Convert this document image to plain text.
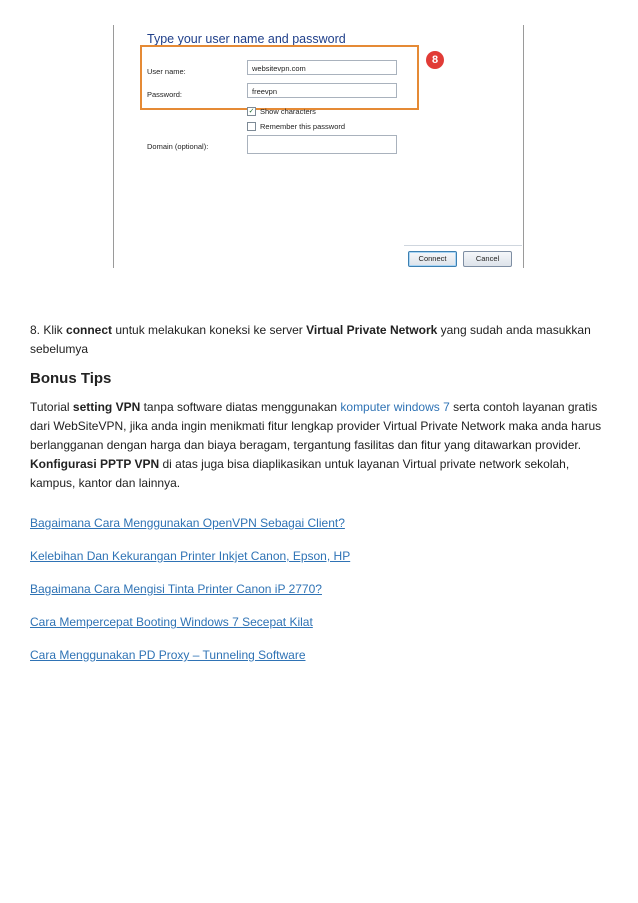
Type your user name and password
User name:	websitevpn.com
Password:	freevpn
8
✓ Show characters
Remember this password
Domain (optional):
Connect	Cancel
8. Klik connect untuk melakukan koneksi ke server Virtual Private Network yang sudah anda masukkan sebelumya
Bonus Tips
Tutorial setting VPN tanpa software diatas menggunakan komputer windows 7 serta contoh layanan gratis dari WebSiteVPN, jika anda ingin menikmati fitur lengkap provider Virtual Private Network maka anda harus berlangganan dengan harga dan biaya beragam, tergantung fasilitas dan fitur yang ditawarkan provider. Konfigurasi PPTP VPN di atas juga bisa diaplikasikan untuk layanan Virtual private network sekolah, kampus, kantor dan lainnya.
Bagaimana Cara Menggunakan OpenVPN Sebagai Client?
Kelebihan Dan Kekurangan Printer Inkjet Canon, Epson, HP
Bagaimana Cara Mengisi Tinta Printer Canon iP 2770?
Cara Mempercepat Booting Windows 7 Secepat Kilat
Cara Menggunakan PD Proxy – Tunneling Software
